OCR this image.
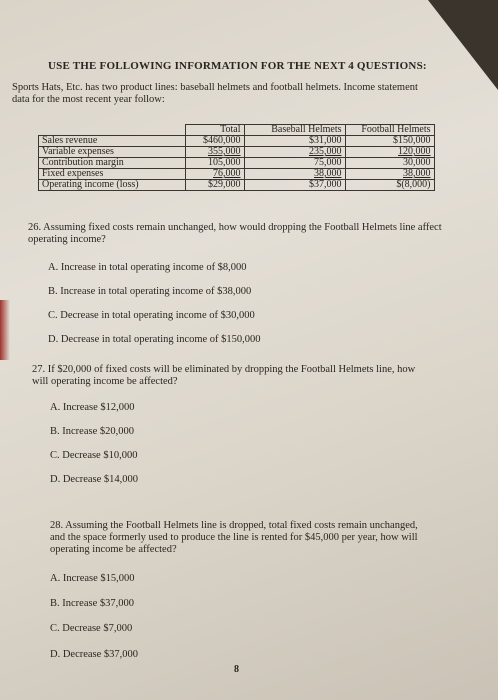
USE THE FOLLOWING INFORMATION FOR THE NEXT 4 QUESTIONS:
Sports Hats, Etc. has two product lines: baseball helmets and football helmets. Income statement data for the most recent year follow:
	Total	Baseball Helmets	Football Helmets
Sales revenue	$460,000	$31,000	$150,000
Variable expenses	355,000	235,000	120,000
Contribution margin	105,000	75,000	30,000
Fixed expenses	76,000	38,000	38,000
Operating income (loss)	$29,000	$37,000	$(8,000)
26. Assuming fixed costs remain unchanged, how would dropping the Football Helmets line affect operating income?
A. Increase in total operating income of $8,000
B. Increase in total operating income of $38,000
C. Decrease in total operating income of $30,000
D. Decrease in total operating income of $150,000
27. If $20,000 of fixed costs will be eliminated by dropping the Football Helmets line, how will operating income be affected?
A. Increase $12,000
B. Increase $20,000
C. Decrease $10,000
D. Decrease $14,000
28. Assuming the Football Helmets line is dropped, total fixed costs remain unchanged, and the space formerly used to produce the line is rented for $45,000 per year, how will operating income be affected?
A. Increase $15,000
B. Increase $37,000
C. Decrease $7,000
D. Decrease $37,000
8
